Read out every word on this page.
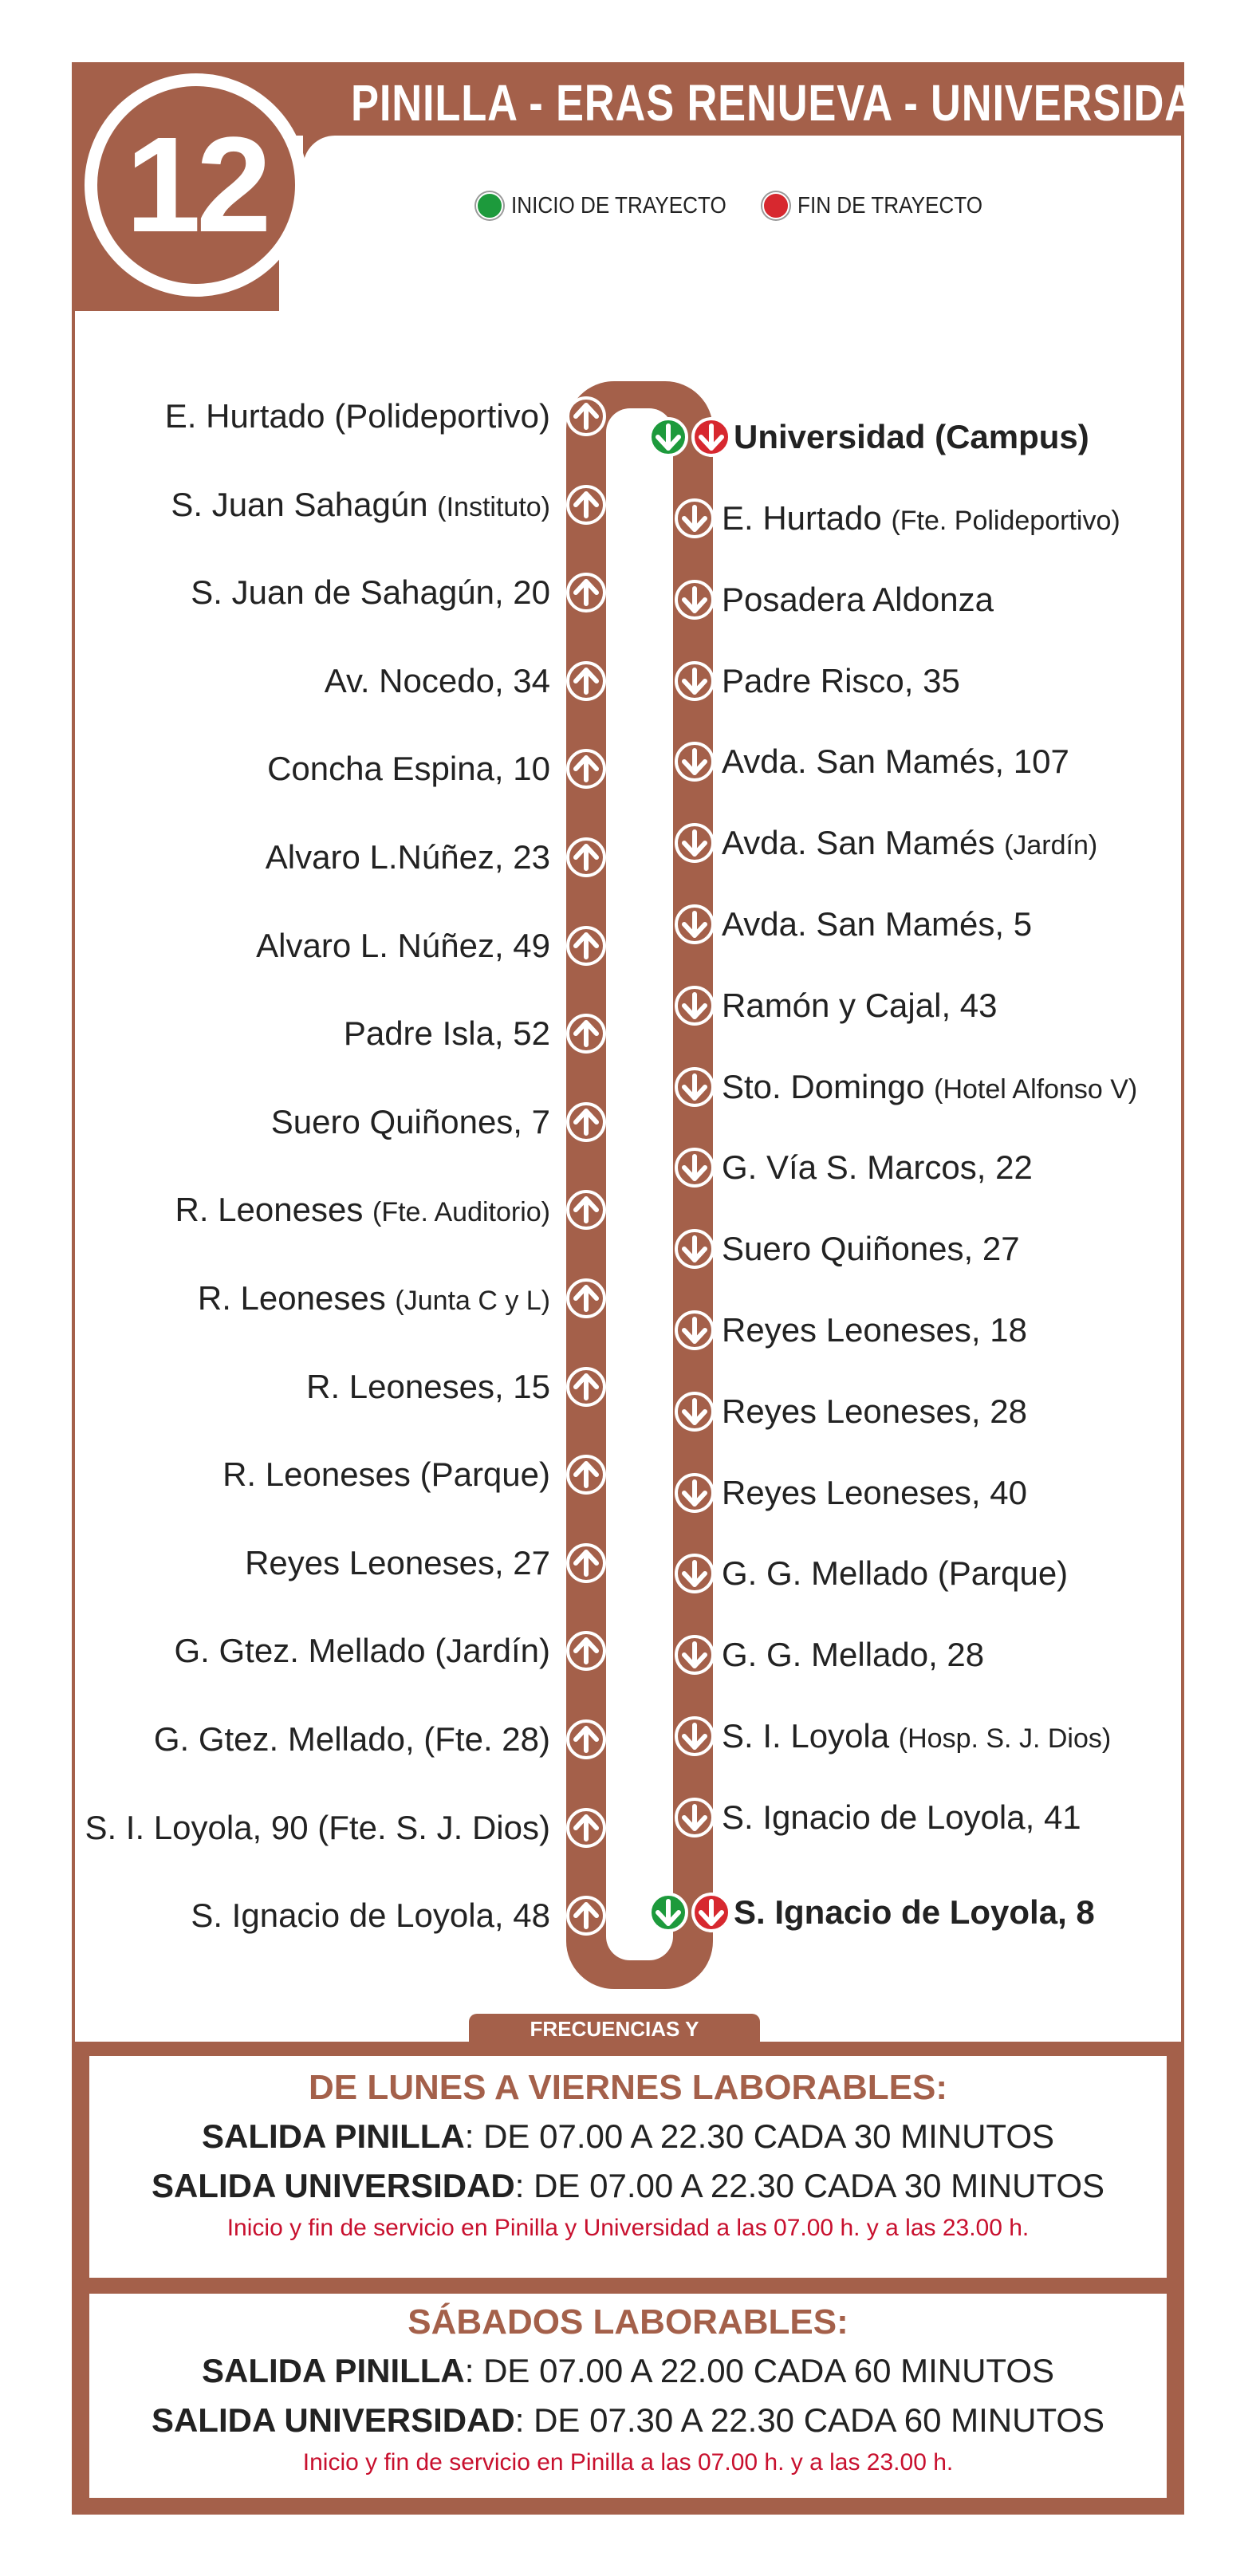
12
PINILLA - ERAS RENUEVA - UNIVERSIDAD
INICIO DE TRAYECTO	FIN DE TRAYECTO
E. Hurtado (Polideportivo)
S. Juan Sahagún (Instituto)
S. Juan de Sahagún, 20
Av. Nocedo, 34
Concha Espina, 10
Alvaro L.Núñez, 23
Alvaro L. Núñez, 49
Padre Isla, 52
Suero Quiñones, 7
R. Leoneses (Fte. Auditorio)
R. Leoneses (Junta C y L)
R. Leoneses, 15
R. Leoneses (Parque)
Reyes Leoneses, 27
G. Gtez. Mellado (Jardín)
G. Gtez. Mellado, (Fte. 28)
S. I. Loyola, 90 (Fte. S. J. Dios)
S. Ignacio de Loyola, 48
Universidad (Campus)
E. Hurtado (Fte. Polideportivo)
Posadera Aldonza
Padre Risco, 35
Avda. San Mamés, 107
Avda. San Mamés (Jardín)
Avda. San Mamés, 5
Ramón y Cajal, 43
Sto. Domingo (Hotel Alfonso V)
G. Vía S. Marcos, 22
Suero Quiñones, 27
Reyes Leoneses, 18
Reyes Leoneses, 28
Reyes Leoneses, 40
G. G. Mellado (Parque)
G. G. Mellado, 28
S. I. Loyola (Hosp. S. J. Dios)
S. Ignacio de Loyola, 41
S. Ignacio de Loyola, 8
FRECUENCIAS Y
DE LUNES A VIERNES LABORABLES:
SALIDA PINILLA: DE 07.00 A 22.30 CADA 30 MINUTOS
SALIDA UNIVERSIDAD: DE 07.00 A 22.30 CADA 30 MINUTOS
Inicio y fin de servicio en Pinilla y Universidad a las 07.00 h. y a las 23.00 h.
SÁBADOS LABORABLES:
SALIDA PINILLA: DE 07.00 A 22.00 CADA 60 MINUTOS
SALIDA UNIVERSIDAD: DE 07.30 A 22.30 CADA 60 MINUTOS
Inicio y fin de servicio en Pinilla a las 07.00 h. y a las 23.00 h.
